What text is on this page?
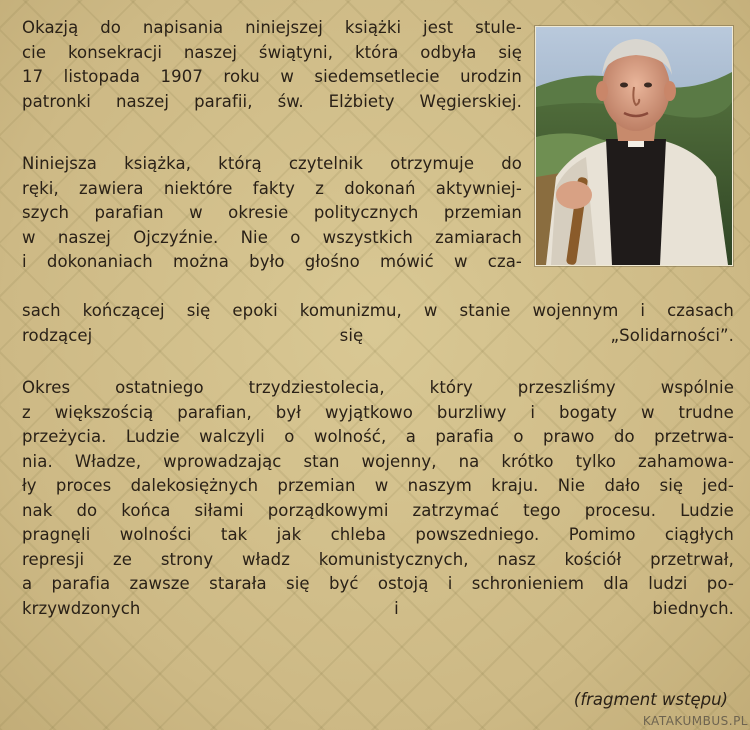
Okazją do napisania niniejszej książki jest stule-
cie konsekracji naszej świątyni, która odbyła się
17 listopada 1907 roku w siedemsetlecie urodzin
patronki naszej parafii, św. Elżbiety Węgierskiej.
Niniejsza książka, którą czytelnik otrzymuje do
ręki, zawiera niektóre fakty z dokonań aktywniej-
szych parafian w okresie politycznych przemian
w naszej Ojczyźnie. Nie o wszystkich zamiarach
i dokonaniach można było głośno mówić w cza-
sach kończącej się epoki komunizmu, w stanie wojennym i czasach
rodzącej się „Solidarności”.
Okres	ostatniego	trzydziestolecia,	który	przeszliśmy	wspólnie
z większością parafian, był wyjątkowo burzliwy i bogaty w trudne
przeżycia. Ludzie walczyli o wolność, a parafia o prawo do przetrwa-
nia. Władze, wprowadzając stan wojenny, na krótko tylko zahamowa-
ły proces dalekosiężnych przemian w naszym kraju. Nie dało się jed-
nak do końca siłami porządkowymi zatrzymać tego procesu. Ludzie
pragnęli wolności tak jak chleba powszedniego. Pomimo ciągłych
represji ze strony władz komunistycznych, nasz kościół przetrwał,
a parafia zawsze starała się być ostoją i schronieniem dla ludzi po-
krzywdzonych i biednych.
(fragment wstępu)
KATAKUMBUS.PL
